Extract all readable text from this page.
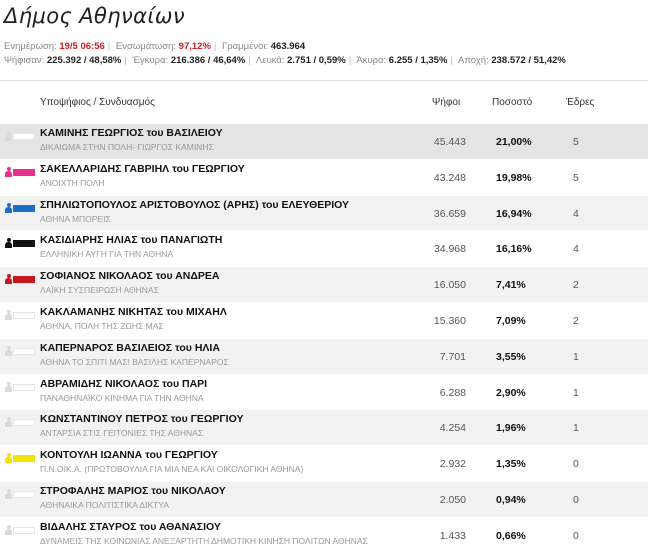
Δήμος Αθηναίων
Ενημέρωση: 19/5 06:56 | Ενσωμάτωση: 97,12% | Γραμμένοι: 463.964
Ψήφισαν: 225.392 / 48,58% | Έγκυρα: 216.386 / 46,64% | Λευκά: 2.751 / 0,59% | Άκυρα: 6.255 / 1,35% | Αποχή: 238.572 / 51,42%
Υποψήφιος / Συνδυασμός	Ψήφοι	Ποσοστό	Έδρες
ΚΑΜΙΝΗΣ ΓΕΩΡΓΙΟΣ του ΒΑΣΙΛΕΙΟΥ
ΔΙΚΑΙΩΜΑ ΣΤΗΝ ΠΟΛΗ- ΓΙΩΡΓΟΣ ΚΑΜΙΝΗΣ	45.443	21,00%	5
ΣΑΚΕΛΛΑΡΙΔΗΣ ΓΑΒΡΙΗΛ του ΓΕΩΡΓΙΟΥ
ΑΝΟΙΧΤΗ ΠΟΛΗ	43.248	19,98%	5
ΣΠΗΛΙΩΤΟΠΟΥΛΟΣ ΑΡΙΣΤΟΒΟΥΛΟΣ (ΑΡΗΣ) του ΕΛΕΥΘΕΡΙΟΥ
ΑΘΗΝΑ ΜΠΟΡΕΙΣ	36.659	16,94%	4
ΚΑΣΙΔΙΑΡΗΣ ΗΛΙΑΣ του ΠΑΝΑΓΙΩΤΗ
ΕΛΛΗΝΙΚΗ ΑΥΓΗ ΓΙΑ ΤΗΝ ΑΘΗΝΑ	34.968	16,16%	4
ΣΟΦΙΑΝΟΣ ΝΙΚΟΛΑΟΣ του ΑΝΔΡΕΑ
ΛΑΪΚΗ ΣΥΣΠΕΙΡΩΣΗ ΑΘΗΝΑΣ	16.050	7,41%	2
ΚΑΚΛΑΜΑΝΗΣ ΝΙΚΗΤΑΣ του ΜΙΧΑΗΛ
ΑΘΗΝΑ, ΠΟΛΗ ΤΗΣ ΖΩΗΣ ΜΑΣ	15.360	7,09%	2
ΚΑΠΕΡΝΑΡΟΣ ΒΑΣΙΛΕΙΟΣ του ΗΛΙΑ
ΑΘΗΝΑ ΤΟ ΣΠΙΤΙ ΜΑΣ! ΒΑΣΙΛΗΣ ΚΑΠΕΡΝΑΡΟΣ	7.701	3,55%	1
ΑΒΡΑΜΙΔΗΣ ΝΙΚΟΛΑΟΣ του ΠΑΡΙ
ΠΑΝΑΘΗΝΑΪΚΟ ΚΙΝΗΜΑ ΓΙΑ ΤΗΝ ΑΘΗΝΑ	6.288	2,90%	1
ΚΩΝΣΤΑΝΤΙΝΟΥ ΠΕΤΡΟΣ του ΓΕΩΡΓΙΟΥ
ΑΝΤΑΡΣΙΑ ΣΤΙΣ ΓΕΙΤΟΝΙΕΣ ΤΗΣ ΑΘΗΝΑΣ	4.254	1,96%	1
ΚΟΝΤΟΥΛΗ ΙΩΑΝΝΑ του ΓΕΩΡΓΙΟΥ
Π.Ν.ΟΙΚ.Α. (ΠΡΩΤΟΒΟΥΛΙΑ ΓΙΑ ΜΙΑ ΝΕΑ ΚΑΙ ΟΙΚΟΛΟΓΙΚΗ ΑΘΗΝΑ)	2.932	1,35%	0
ΣΤΡΟΦΑΛΗΣ ΜΑΡΙΟΣ του ΝΙΚΟΛΑΟΥ
ΑΘΗΝΑΙΚΑ ΠΟΛΙΤΙΣΤΙΚΑ ΔΙΚΤΥΑ	2.050	0,94%	0
ΒΙΔΑΛΗΣ ΣΤΑΥΡΟΣ του ΑΘΑΝΑΣΙΟΥ
ΔΥΝΑΜΕΙΣ ΤΗΣ ΚΟΙΝΩΝΙΑΣ ΑΝΕΞΑΡΤΗΤΗ ΔΗΜΟΤΙΚΗ ΚΙΝΗΣΗ ΠΟΛΙΤΩΝ ΑΘΗΝΑΣ	1.433	0,66%	0
